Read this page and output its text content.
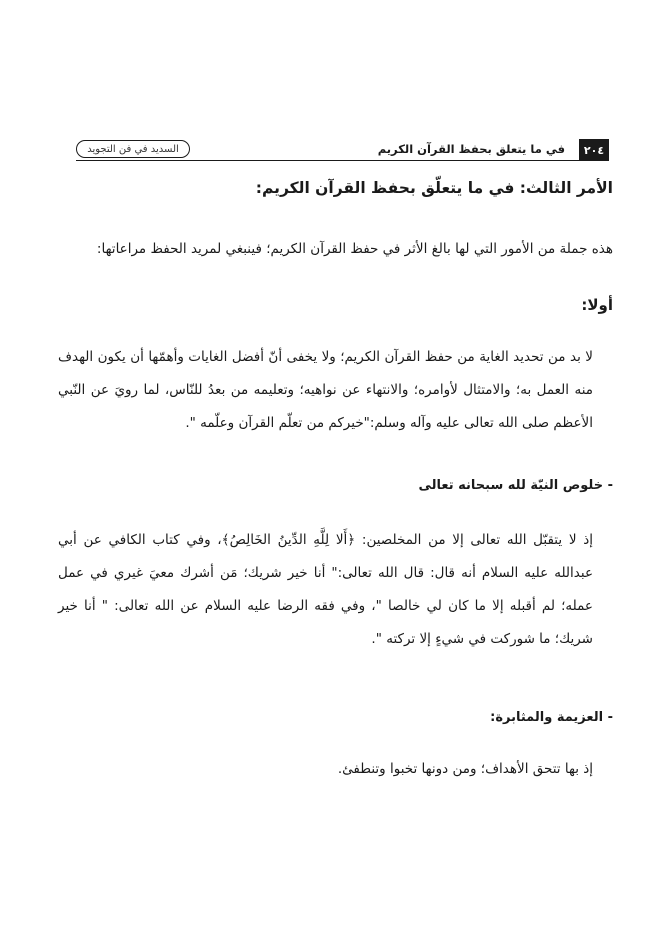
٢٠٤
في ما يتعلق بحفظ القرآن الكريم
السديد في فن التجويد
الأمر الثالث: في ما يتعلّق بحفظ القرآن الكريم:

هذه جملة من الأمور التي لها بالغ الأثر في حفظ القرآن الكريم؛ فينبغي لمريد الحفظ مراعاتها:

أولا:

لا بد من تحديد الغاية من حفظ القرآن الكريم؛ ولا يخفى أنّ أفضل الغايات وأهمّها أن يكون الهدف منه العمل به؛ والامتثال لأوامره؛ والانتهاء عن نواهيه؛ وتعليمه من بعدُ للنّاس، لما رويَ عن النّبي الأعظم صلى الله تعالى عليه وآله وسلم:"خيركم من تعلّم القرآن وعلّمه ".

- خلوص النيّة لله سبحانه تعالى

إذ لا يتقبّل الله تعالى إلا من المخلصين: ﴿أَلا لِلَّهِ الدِّينُ الخَالِصُ﴾، وفي كتاب الكافي عن أبي عبدالله عليه السلام أنه قال: قال الله تعالى:" أنا خير شريك؛ مَن أشرك معيَ غيري في عمل عمله؛ لم أقبله إلا ما كان لي خالصا "، وفي فقه الرضا عليه السلام عن الله تعالى: " أنا خير شريك؛ ما شوركت في شيءٍ إلا تركته ".

- العزيمة والمثابرة:

إذ بها تتحق الأهداف؛ ومن دونها تخبوا وتنطفئ.
